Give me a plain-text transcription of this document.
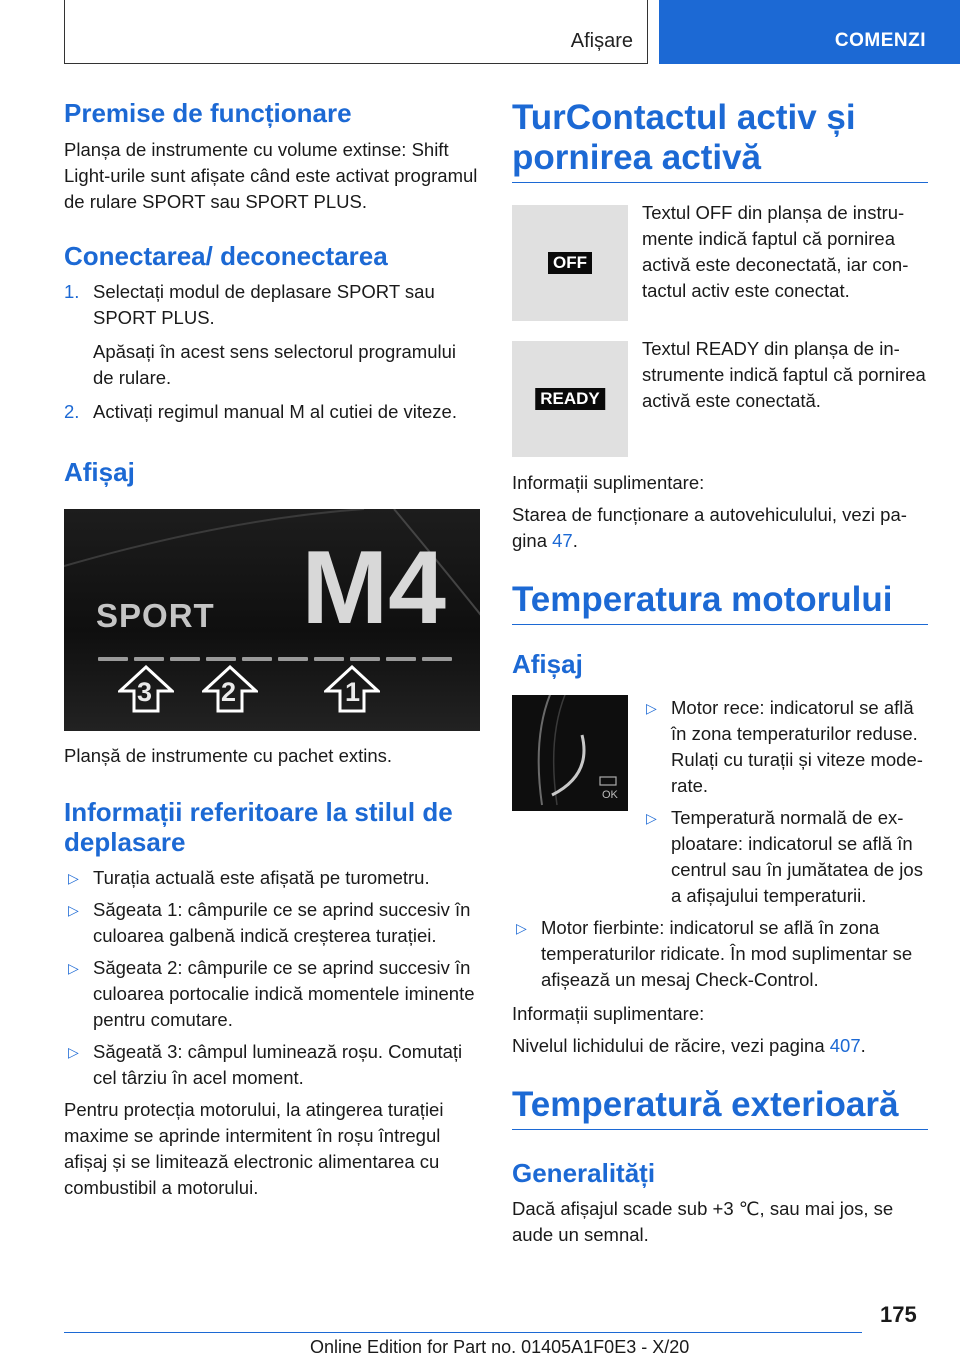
Afișare	COMENZI
Premise de funcționare

Planșa de instrumente cu volume extinse: Shift Light-urile sunt afișate când este activat programul de rulare SPORT sau SPORT PLUS.

Conectarea/ deconectarea
1. Selectați modul de deplasare SPORT sau SPORT PLUS.
Apăsați în acest sens selectorul programului de rulare.
2. Activați regimul manual M al cutiei de viteze.
Afișaj
M4
SPORT
3	2	1

Planșă de instrumente cu pachet extins.

Informații referitoare la stilul de deplasare
▷ Turația actuală este afișată pe turometru.
▷ Săgeata 1: câmpurile ce se aprind succesiv în culoarea galbenă indică creșterea turației.
▷ Săgeata 2: câmpurile ce se aprind succesiv în culoarea portocalie indică momentele iminente pentru comutare.
▷ Săgeată 3: câmpul luminează roșu. Comutați cel târziu în acel moment.

Pentru protecția motorului, la atingerea turației maxime se aprinde intermitent în roșu întregul afișaj și se limitează electronic alimentarea cu combustibil a motorului.

TurContactul activ și pornirea activă
OFF

Textul OFF din planșa de instrumente indică faptul că pornirea activă este deconectată, iar contactul activ este conectat.

READY

Textul READY din planșa de instrumente indică faptul că pornirea activă este conectată.

Informații suplimentare:

Starea de funcționare a autovehiculului, vezi pagina 47.

Temperatura motorului
Afișaj
OK
▷ Motor rece: indicatorul se află în zona temperaturilor reduse. Rulați cu turații și viteze moderate.
▷ Temperatură normală de exploatare: indicatorul se află în centrul sau în jumătatea de jos a afișajului temperaturii.
▷ Motor fierbinte: indicatorul se află în zona temperaturilor ridicate. În mod suplimentar se afișează un mesaj Check-Control.

Informații suplimentare:

Nivelul lichidului de răcire, vezi pagina 407.

Temperatură exterioară
Generalități

Dacă afișajul scade sub +3 ℃, sau mai jos, se aude un semnal.

175
Online Edition for Part no. 01405A1F0E3 - X/20
